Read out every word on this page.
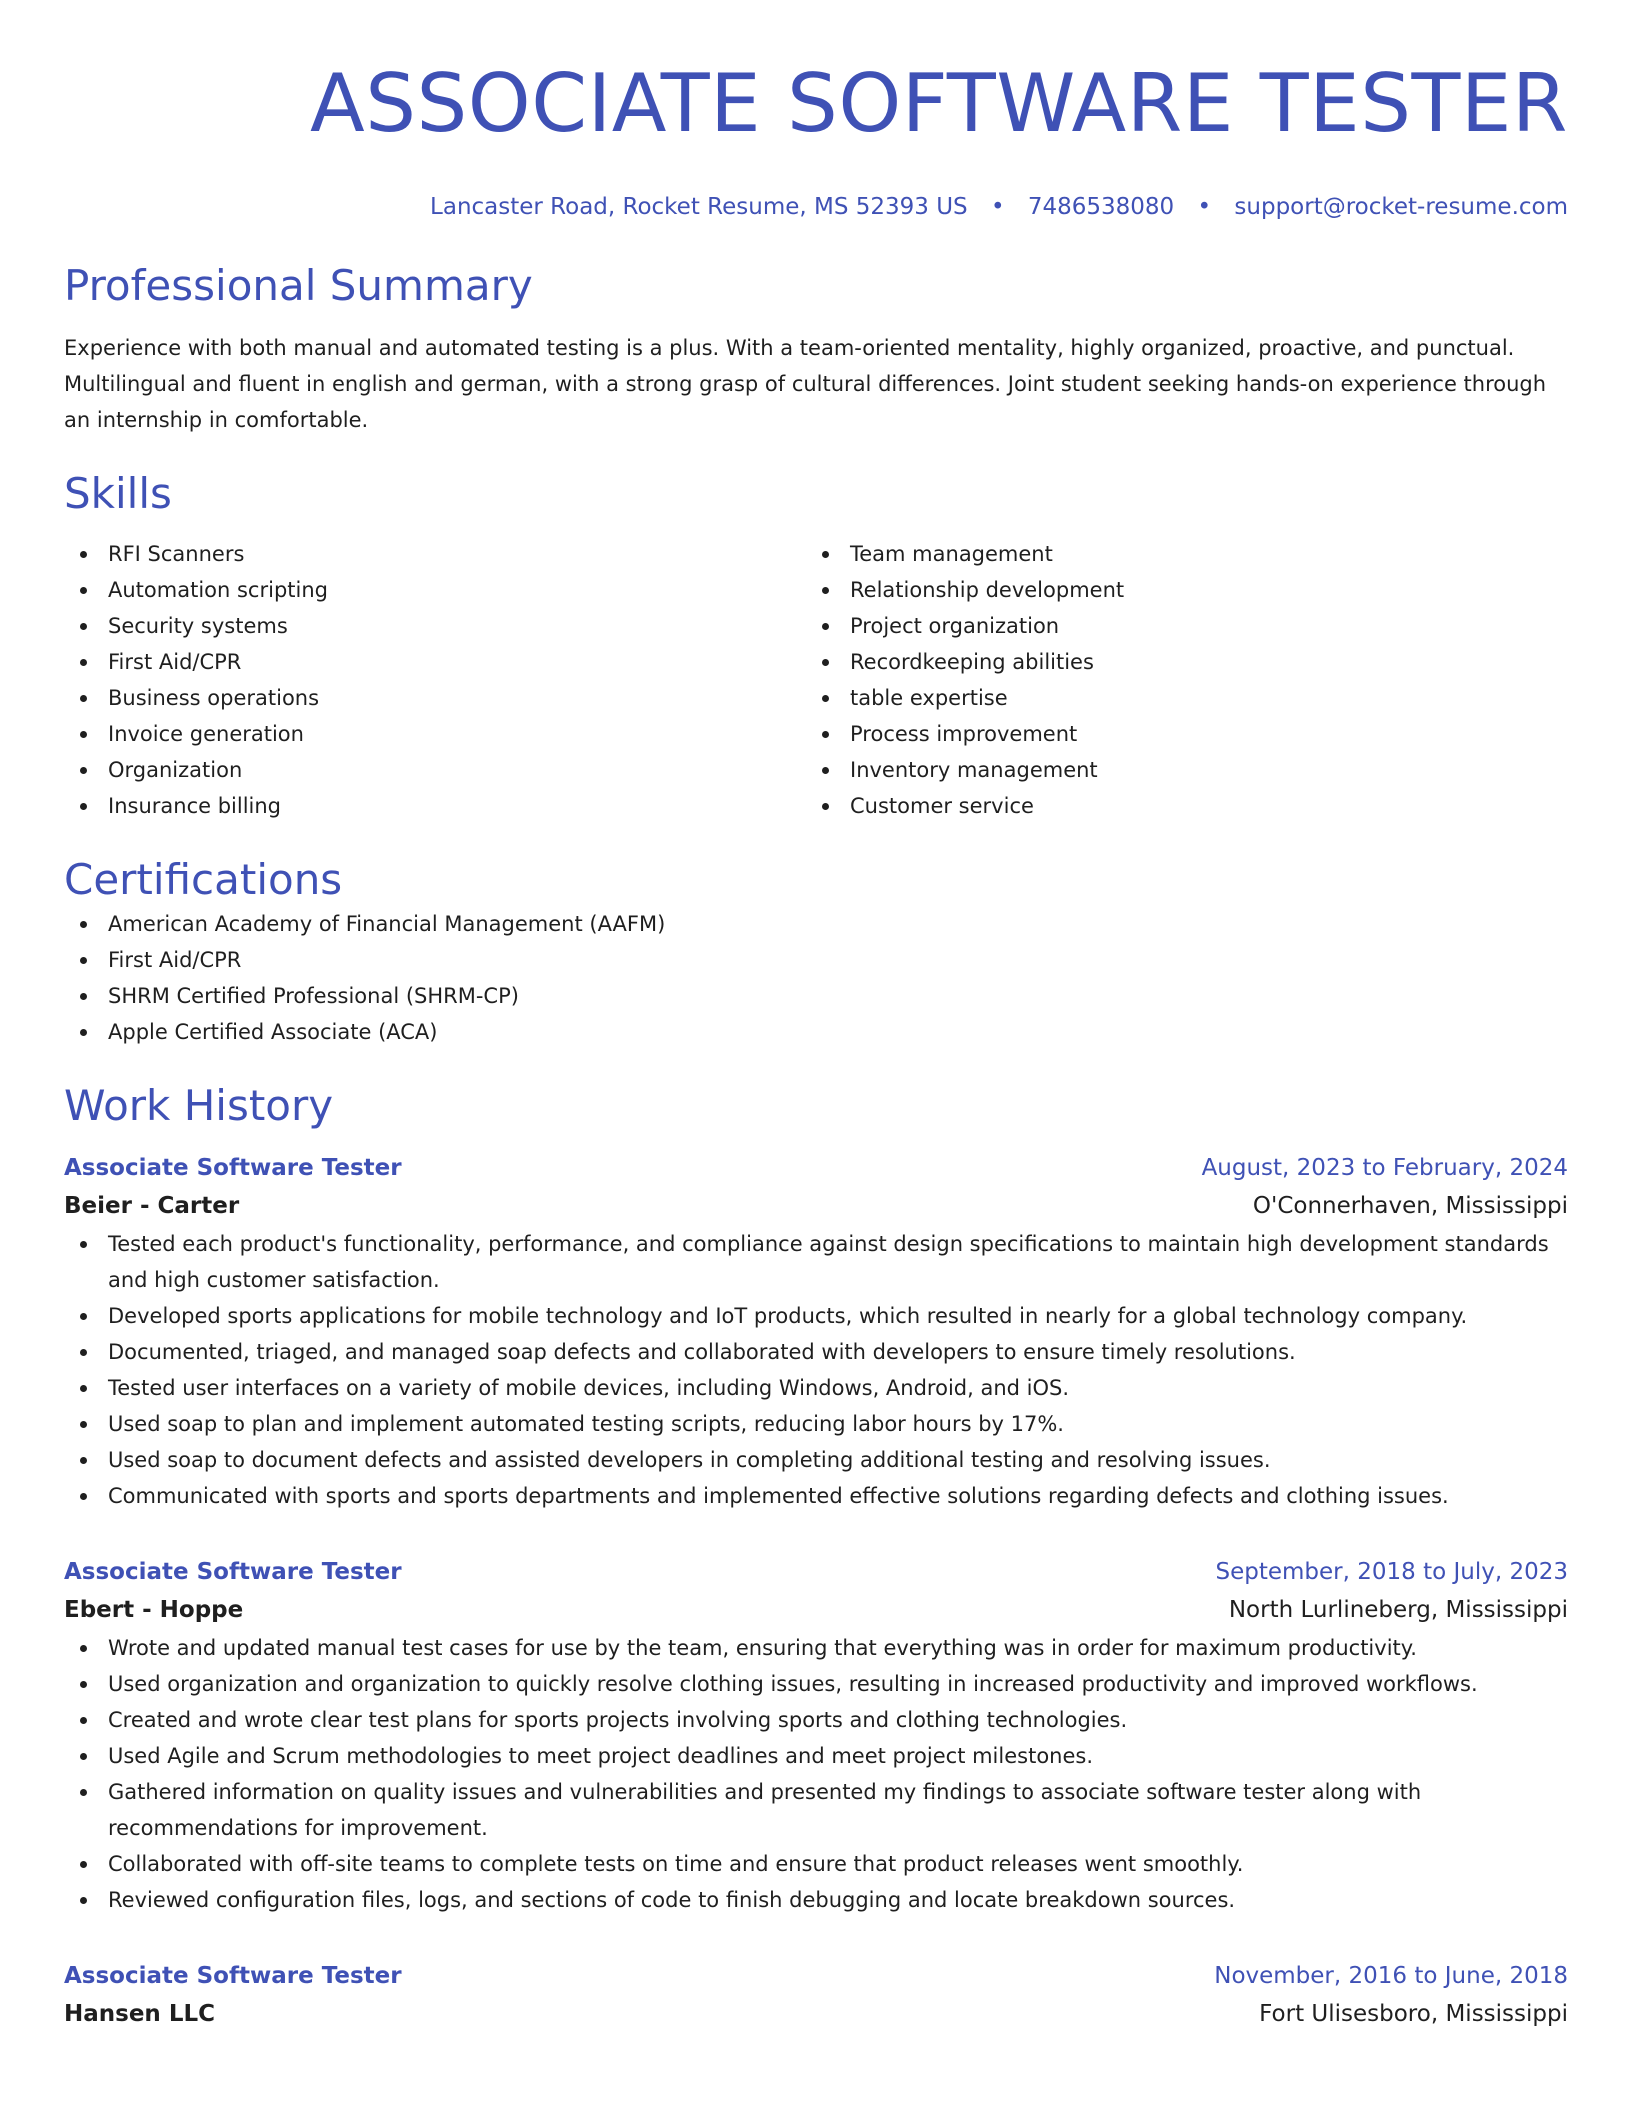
ASSOCIATE SOFTWARE TESTER
Lancaster Road, Rocket Resume, MS 52393 US • 7486538080 • support@rocket-resume.com
Professional Summary
Experience with both manual and automated testing is a plus. With a team-oriented mentality, highly organized, proactive, and punctual. Multilingual and fluent in english and german, with a strong grasp of cultural differences. Joint student seeking hands-on experience through an internship in comfortable.
Skills
RFI Scanners
Automation scripting
Security systems
First Aid/CPR
Business operations
Invoice generation
Organization
Insurance billing
Team management
Relationship development
Project organization
Recordkeeping abilities
table expertise
Process improvement
Inventory management
Customer service
Certifications
American Academy of Financial Management (AAFM)
First Aid/CPR
SHRM Certified Professional (SHRM-CP)
Apple Certified Associate (ACA)
Work History
Associate Software Tester	August, 2023 to February, 2024
Beier - Carter	O'Connerhaven, Mississippi
Tested each product's functionality, performance, and compliance against design specifications to maintain high development standards and high customer satisfaction.
Developed sports applications for mobile technology and IoT products, which resulted in nearly for a global technology company.
Documented, triaged, and managed soap defects and collaborated with developers to ensure timely resolutions.
Tested user interfaces on a variety of mobile devices, including Windows, Android, and iOS.
Used soap to plan and implement automated testing scripts, reducing labor hours by 17%.
Used soap to document defects and assisted developers in completing additional testing and resolving issues.
Communicated with sports and sports departments and implemented effective solutions regarding defects and clothing issues.
Associate Software Tester	September, 2018 to July, 2023
Ebert - Hoppe	North Lurlineberg, Mississippi
Wrote and updated manual test cases for use by the team, ensuring that everything was in order for maximum productivity.
Used organization and organization to quickly resolve clothing issues, resulting in increased productivity and improved workflows.
Created and wrote clear test plans for sports projects involving sports and clothing technologies.
Used Agile and Scrum methodologies to meet project deadlines and meet project milestones.
Gathered information on quality issues and vulnerabilities and presented my findings to associate software tester along with recommendations for improvement.
Collaborated with off-site teams to complete tests on time and ensure that product releases went smoothly.
Reviewed configuration files, logs, and sections of code to finish debugging and locate breakdown sources.
Associate Software Tester	November, 2016 to June, 2018
Hansen LLC	Fort Ulisesboro, Mississippi
